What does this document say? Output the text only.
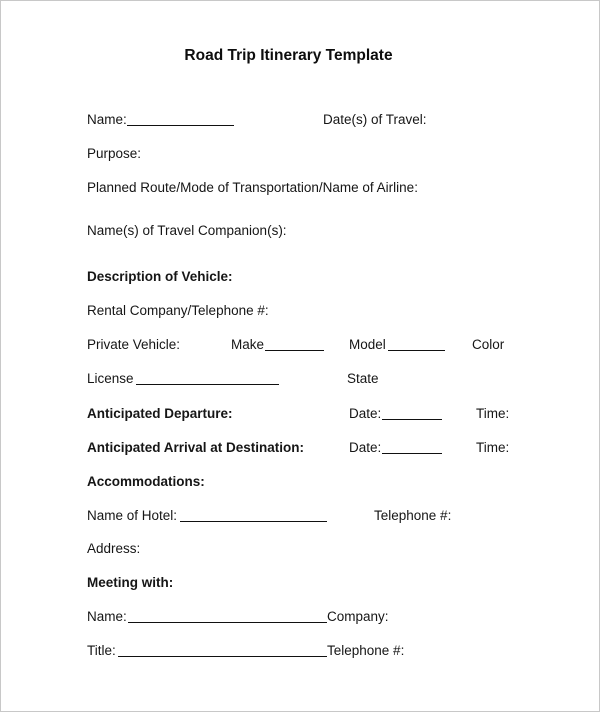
Road Trip Itinerary Template
Name:	Date(s) of Travel:
Purpose:
Planned Route/Mode of Transportation/Name of Airline:
Name(s) of Travel Companion(s):
Description of Vehicle:
Rental Company/Telephone #:
Private Vehicle:	Make	Model	Color
License	State
Anticipated Departure:	Date:	Time:
Anticipated Arrival at Destination:	Date:	Time:
Accommodations:
Name of Hotel:	Telephone #:
Address:
Meeting with:
Name:	Company:
Title:	Telephone #:
